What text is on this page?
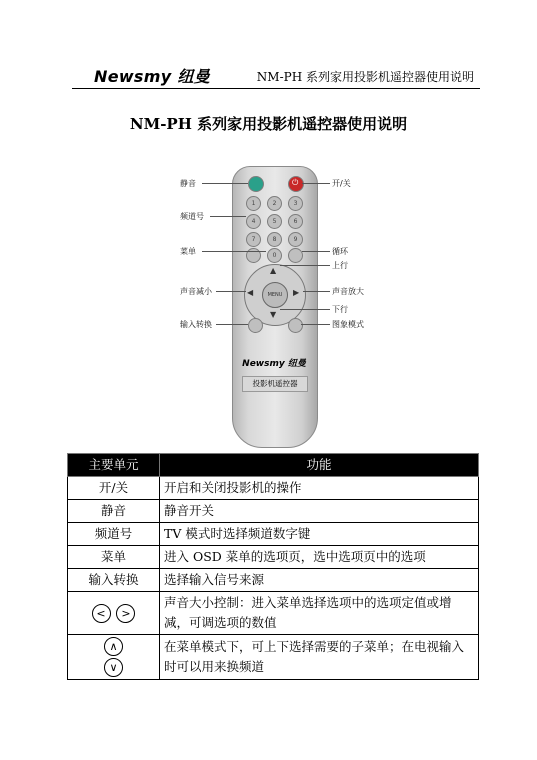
Newsmy 纽曼	NM-PH 系列家用投影机遥控器使用说明
NM-PH 系列家用投影机遥控器使用说明
⏻
1	2	3
4	5	6
7	8	9
0
MENU
▲
▼
◀	▶
Newsmy 纽曼
投影机遥控器
静音	开/关
频道号
菜单	循环
上行
声音减小	声音放大
下行
输入转换	图象模式
主要单元	功能
开/关	开启和关闭投影机的操作
静音	静音开关
频道号	TV 模式时选择频道数字键
菜单	进入 OSD 菜单的选项页，选中选项页中的选项
输入转换	选择输入信号来源
< >	声音大小控制：进入菜单选择选项中的选项定值或增减，可调选项的数值
∧
∨	在菜单模式下，可上下选择需要的子菜单；在电视输入时可以用来换频道
